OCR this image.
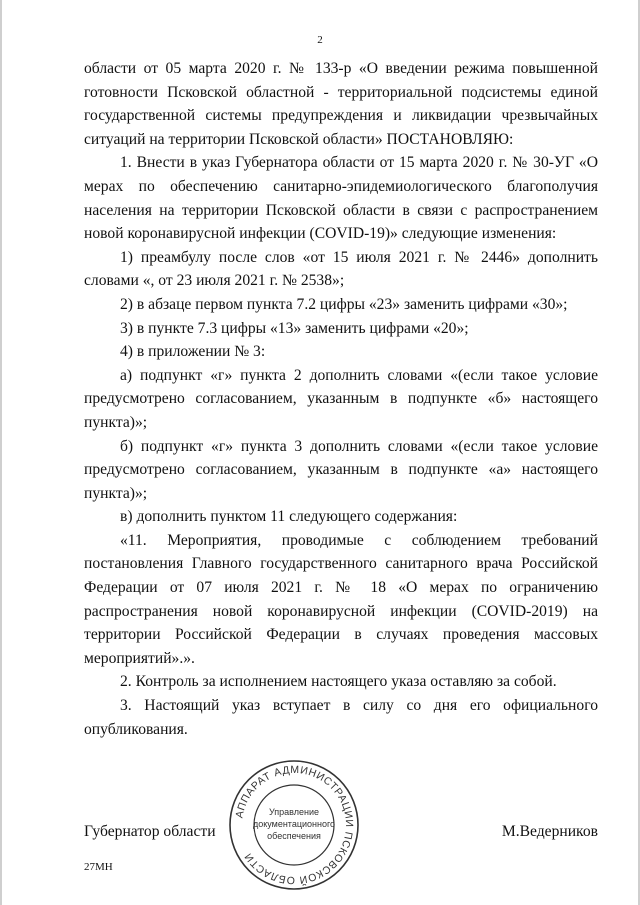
2

области от 05 марта 2020 г. № 133-р «О введении режима повышенной готовности Псковской областной - территориальной подсистемы единой государственной системы предупреждения и ликвидации чрезвычайных ситуаций на территории Псковской области» ПОСТАНОВЛЯЮ:

1. Внести в указ Губернатора области от 15 марта 2020 г. № 30-УГ «О мерах по обеспечению санитарно-эпидемиологического благополучия населения на территории Псковской области в связи с распространением новой коронавирусной инфекции (COVID-19)» следующие изменения:

1) преамбулу после слов «от 15 июля 2021 г. № 2446» дополнить словами «, от 23 июля 2021 г. № 2538»;

2) в абзаце первом пункта 7.2 цифры «23» заменить цифрами «30»;

3) в пункте 7.3 цифры «13» заменить цифрами «20»;

4) в приложении № 3:

а) подпункт «г» пункта 2 дополнить словами «(если такое условие предусмотрено согласованием, указанным в подпункте «б» настоящего пункта)»;

б) подпункт «г» пункта 3 дополнить словами «(если такое условие предусмотрено согласованием, указанным в подпункте «а» настоящего пункта)»;

в) дополнить пунктом 11 следующего содержания:

«11. Мероприятия, проводимые с соблюдением требований постановления Главного государственного санитарного врача Российской Федерации от 07 июля 2021 г. № 18 «О мерах по ограничению распространения новой коронавирусной инфекции (COVID-2019) на территории Российской Федерации в случаях проведения массовых мероприятий».».

2. Контроль за исполнением настоящего указа оставляю за собой.

3. Настоящий указ вступает в силу со дня его официального опубликования.

Губернатор области	М.Ведерников
АППАРАТ АДМИНИСТРАЦИИ ПСКОВСКОЙ ОБЛАСТИ
Управление
документационного
обеспечения
27МН
